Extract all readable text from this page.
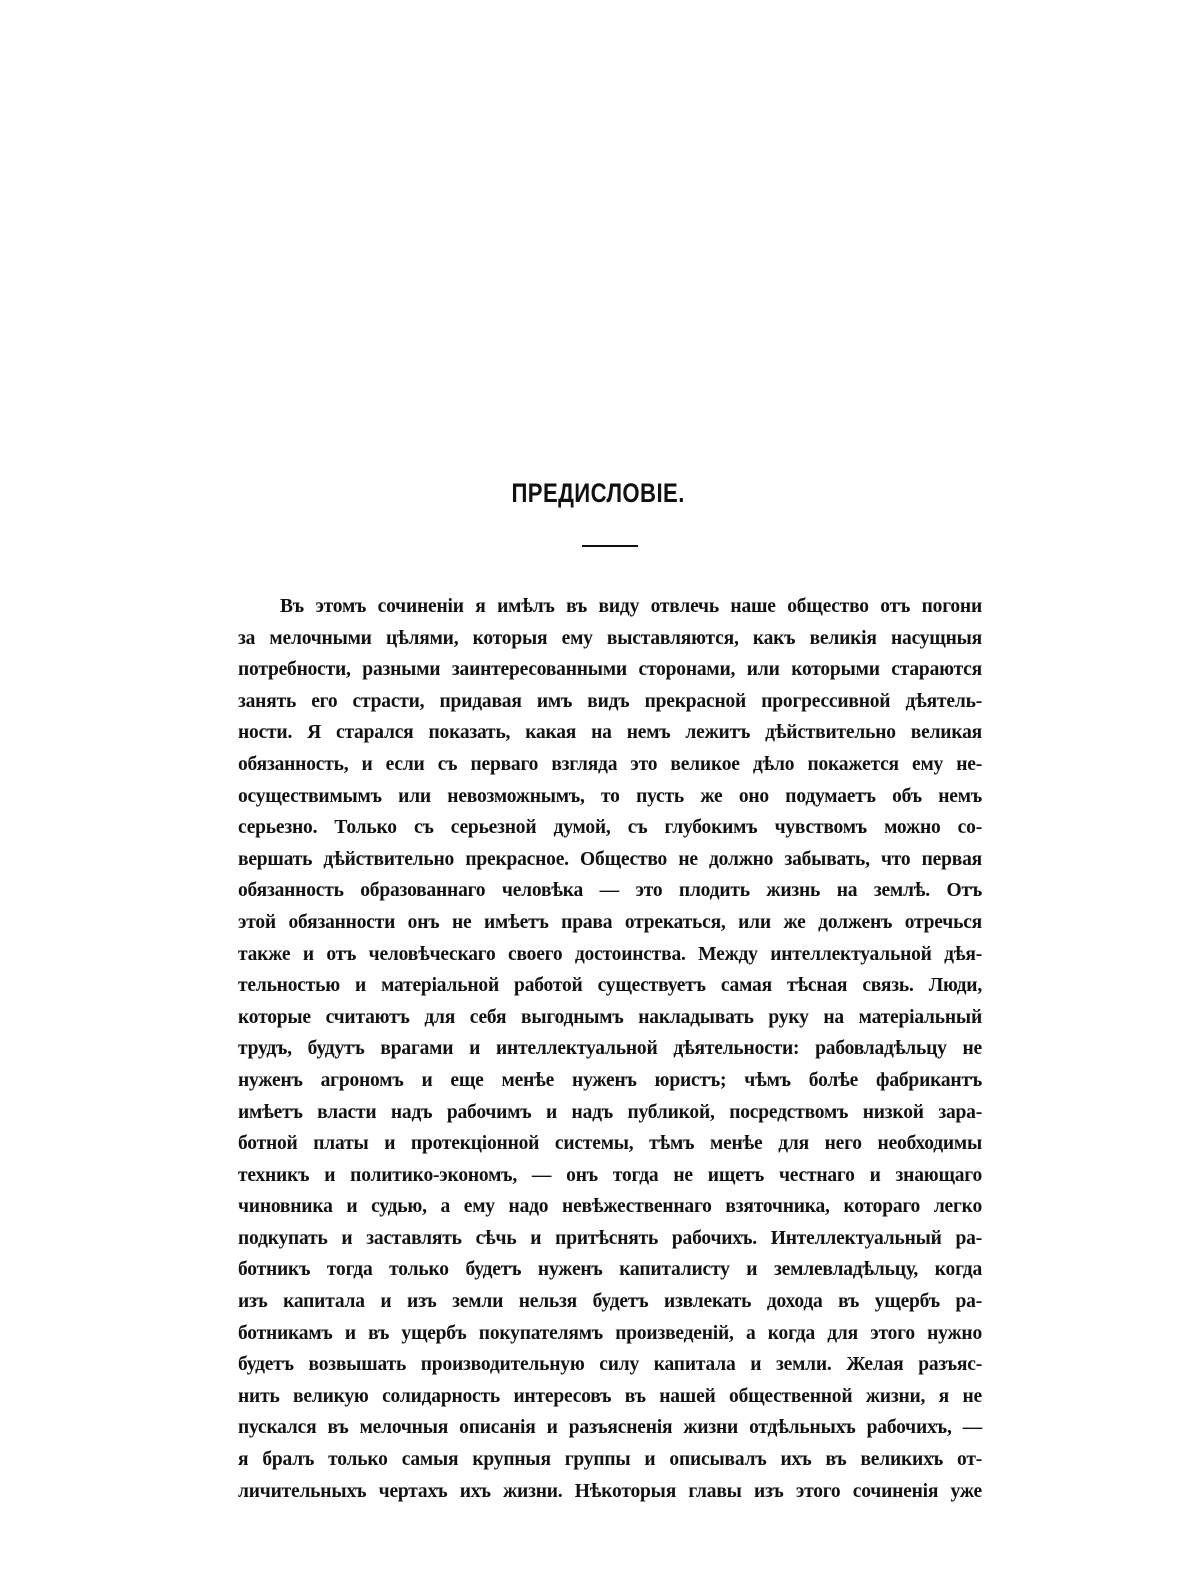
ПРЕДИСЛОВІЕ.
Въ этомъ сочиненіи я имѣлъ въ виду отвлечь наше общество отъ погони
за мелочными цѣлями, которыя ему выставляются, какъ великія насущныя
потребности, разными заинтересованными сторонами, или которыми стараются
занять его страсти, придавая имъ видъ прекрасной прогрессивной дѣятель-
ности. Я старался показать, какая на немъ лежитъ дѣйствительно великая
обязанность, и если съ перваго взгляда это великое дѣло покажется ему не-
осуществимымъ или невозможнымъ, то пусть же оно подумаетъ объ немъ
серьезно. Только съ серьезной думой, съ глубокимъ чувствомъ можно со-
вершать дѣйствительно прекрасное. Общество не должно забывать, что первая
обязанность образованнаго человѣка — это плодить жизнь на землѣ. Отъ
этой обязанности онъ не имѣетъ права отрекаться, или же долженъ отречься
также и отъ человѣческаго своего достоинства. Между интеллектуальной дѣя-
тельностью и матеріальной работой существуетъ самая тѣсная связь. Люди,
которые считаютъ для себя выгоднымъ накладывать руку на матеріальный
трудъ, будутъ врагами и интеллектуальной дѣятельности: рабовладѣльцу не
нуженъ агрономъ и еще менѣе нуженъ юристъ; чѣмъ болѣе фабрикантъ
имѣетъ власти надъ рабочимъ и надъ публикой, посредствомъ низкой зара-
ботной платы и протекціонной системы, тѣмъ менѣе для него необходимы
техникъ и политико-экономъ, — онъ тогда не ищетъ честнаго и знающаго
чиновника и судью, а ему надо невѣжественнаго взяточника, котораго легко
подкупать и заставлять сѣчь и притѣснять рабочихъ. Интеллектуальный ра-
ботникъ тогда только будетъ нуженъ капиталисту и землевладѣльцу, когда
изъ капитала и изъ земли нельзя будетъ извлекать дохода въ ущербъ ра-
ботникамъ и въ ущербъ покупателямъ произведеній, а когда для этого нужно
будетъ возвышать производительную силу капитала и земли. Желая разъяс-
нить великую солидарность интересовъ въ нашей общественной жизни, я не
пускался въ мелочныя описанія и разъясненія жизни отдѣльныхъ рабочихъ, —
я бралъ только самыя крупныя группы и описывалъ ихъ въ великихъ от-
личительныхъ чертахъ ихъ жизни. Нѣкоторыя главы изъ этого сочиненія уже
